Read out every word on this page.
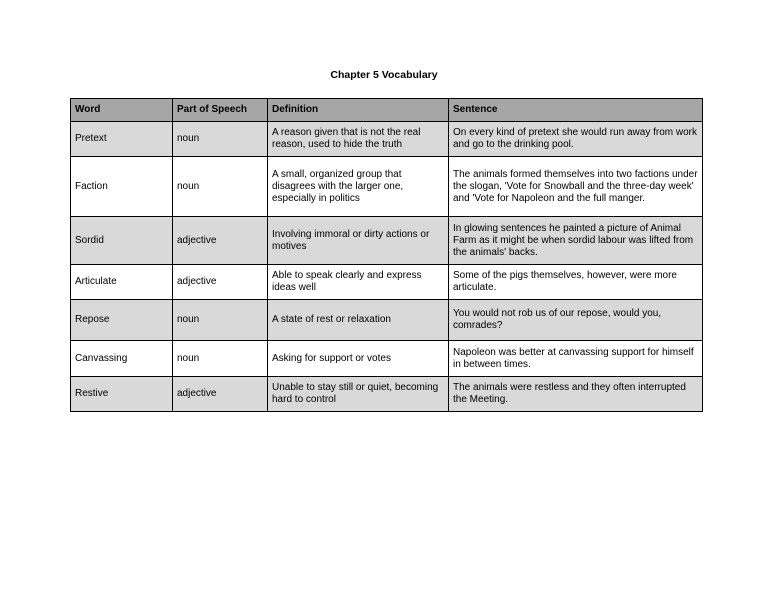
Chapter 5 Vocabulary
Word	Part of Speech	Definition	Sentence
Pretext	noun	A reason given that is not the real reason, used to hide the truth	On every kind of pretext she would run away from work and go to the drinking pool.
Faction	noun	A small, organized group that disagrees with the larger one, especially in politics	The animals formed themselves into two factions under the slogan, 'Vote for Snowball and the three-day week' and 'Vote for Napoleon and the full manger.
Sordid	adjective	Involving immoral or dirty actions or motives	In glowing sentences he painted a picture of Animal Farm as it might be when sordid labour was lifted from the animals' backs.
Articulate	adjective	Able to speak clearly and express ideas well	Some of the pigs themselves, however, were more articulate.
Repose	noun	A state of rest or relaxation	You would not rob us of our repose, would you, comrades?
Canvassing	noun	Asking for support or votes	Napoleon was better at canvassing support for himself in between times.
Restive	adjective	Unable to stay still or quiet, becoming hard to control	The animals were restless and they often interrupted the Meeting.
